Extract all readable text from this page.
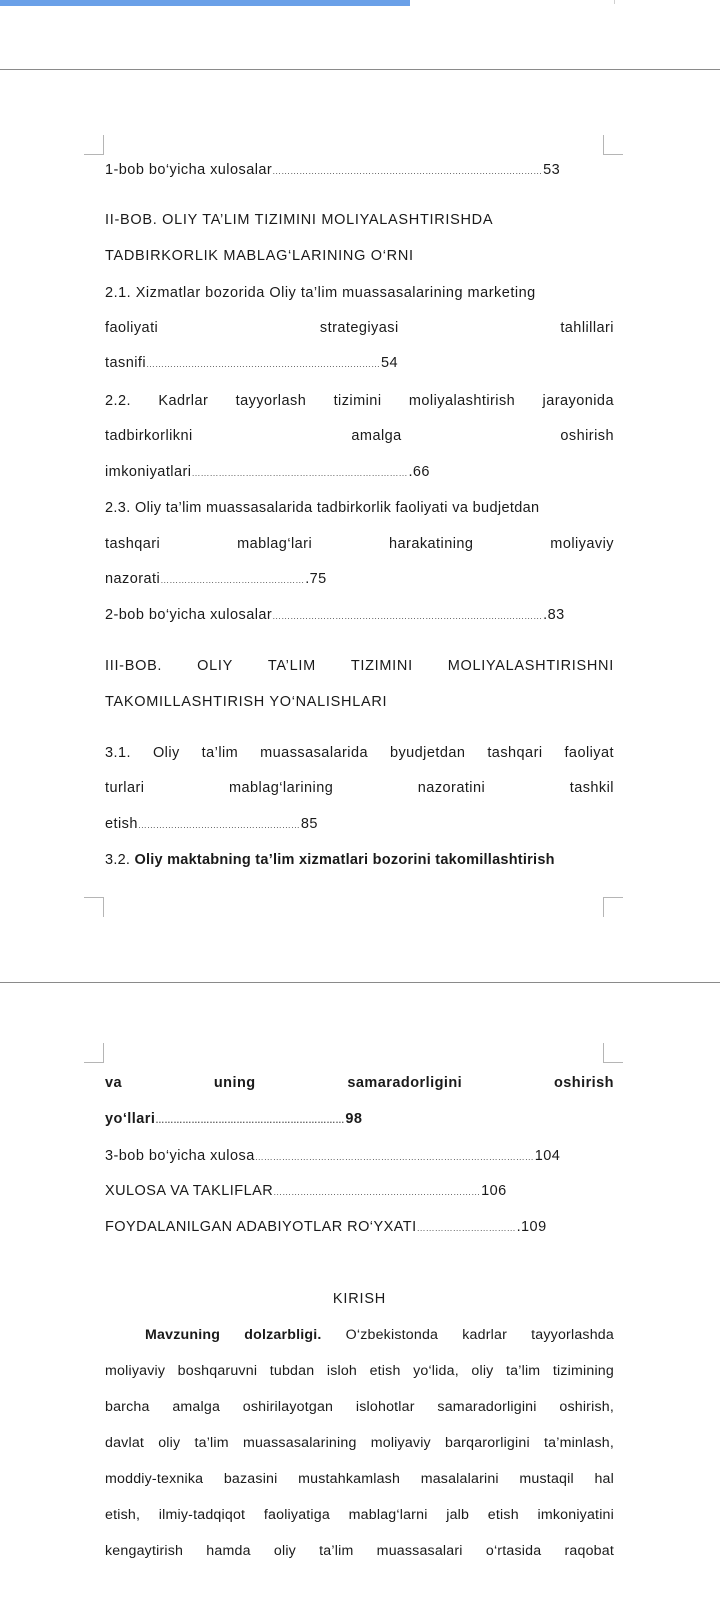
1-bob bo‘yicha xulosalar ……………………………………………………………………………… 53
II-BOB. OLIY TA’LIM TIZIMINI MOLIYALASHTIRISHDA
TADBIRKORLIK MABLAG‘LARINING O‘RNI
2.1. Xizmatlar bozorida Oliy ta’lim muassasalarining marketing
faoliyati	strategiyasi	tahlillari
tasnifi …………………………………………………………………… 54
2.2. Kadrlar tayyorlash tizimini moliyalashtirish jarayonida
tadbirkorlikni	amalga	oshirish
imkoniyatlari ……………………………………………………………… .66
2.3. Oliy ta’lim muassasalarida tadbirkorlik faoliyati va budjetdan
tashqari	mablag‘lari	harakatining	moliyaviy
nazorati ………………………………………… .75
2-bob bo‘yicha xulosalar ……………………………………………………………………………… .83
III-BOB. OLIY TA’LIM TIZIMINI MOLIYALASHTIRISHNI
TAKOMILLASHTIRISH YO‘NALISHLARI
3.1. Oliy ta’lim muassasalarida byudjetdan tashqari faoliyat
turlari	mablag‘larining	nazoratini	tashkil
etish ……………………………………………… 85
3.2. Oliy maktabning ta’lim xizmatlari bozorini takomillashtirish
va	uning	samaradorligini	oshirish
yo‘llari ……………………………………………………… 98
3-bob bo‘yicha xulosa ………………………………………………………………………………… 104
XULOSA VA TAKLIFLAR …………………………………………………………… 106
FOYDALANILGAN ADABIYOTLAR RO‘YXATI …………………………… .109
KIRISH
Mavzuning dolzarbligi. O‘zbekistonda kadrlar tayyorlashda
moliyaviy boshqaruvni tubdan isloh etish yo‘lida, oliy ta’lim tizimining
barcha amalga oshirilayotgan islohotlar samaradorligini oshirish,
davlat oliy ta’lim muassasalarining moliyaviy barqarorligini ta’minlash,
moddiy-texnika bazasini mustahkamlash masalalarini mustaqil hal
etish, ilmiy-tadqiqot faoliyatiga mablag‘larni jalb etish imkoniyatini
kengaytirish hamda oliy ta’lim muassasalari o‘rtasida raqobat
